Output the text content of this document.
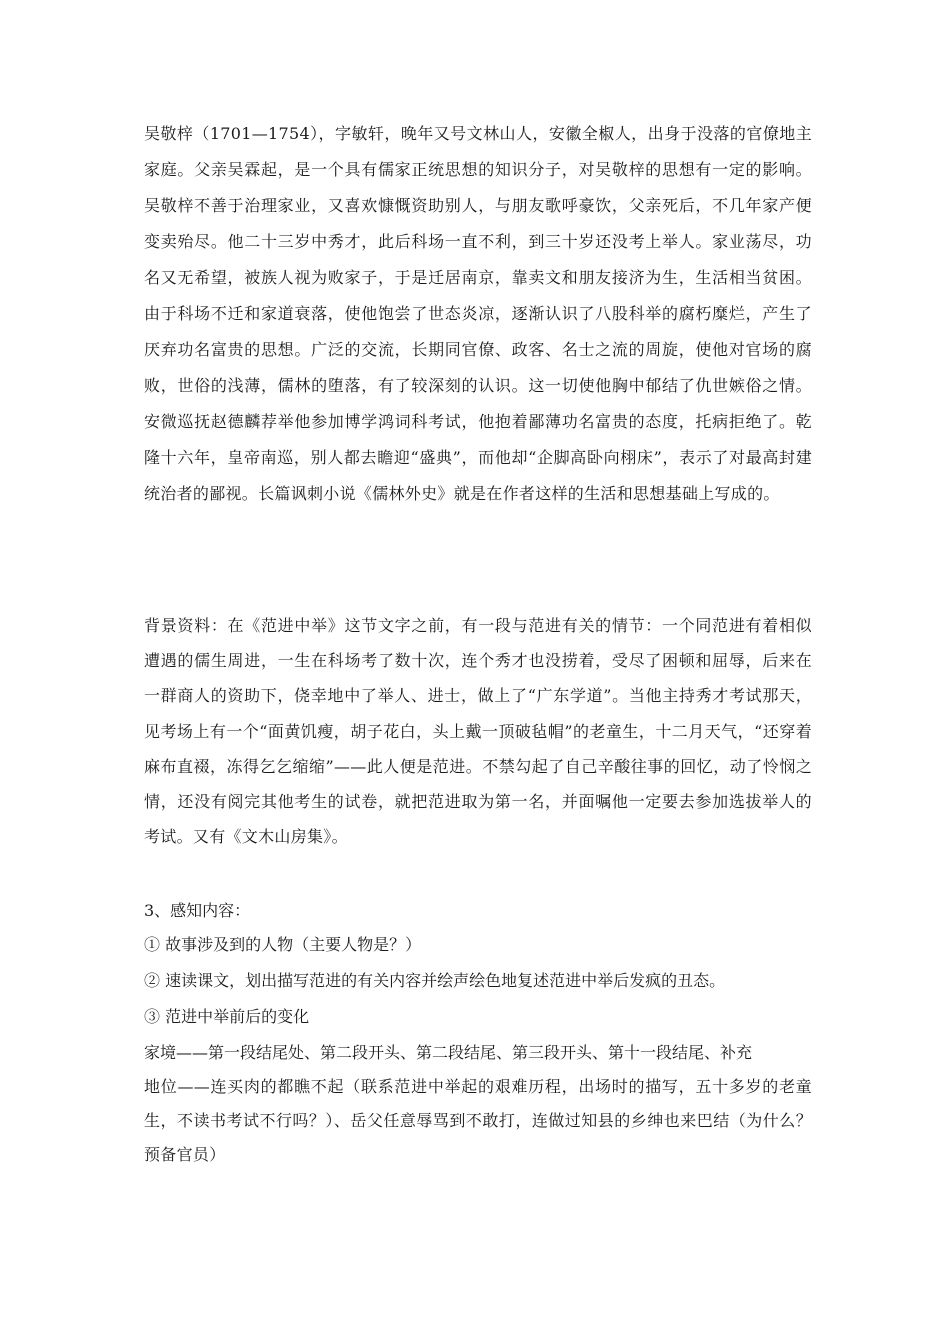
吴敬梓（1701—1754），字敏轩，晚年又号文林山人，安徽全椒人，出身于没落的官僚地主家庭。父亲吴霖起，是一个具有儒家正统思想的知识分子，对吴敬梓的思想有一定的影响。吴敬梓不善于治理家业，又喜欢慷慨资助别人，与朋友歌呼豪饮，父亲死后，不几年家产便变卖殆尽。他二十三岁中秀才，此后科场一直不利，到三十岁还没考上举人。家业荡尽，功名又无希望，被族人视为败家子，于是迁居南京，靠卖文和朋友接济为生，生活相当贫困。由于科场不迁和家道衰落，使他饱尝了世态炎凉，逐渐认识了八股科举的腐朽糜烂，产生了厌弃功名富贵的思想。广泛的交流，长期同官僚、政客、名士之流的周旋，使他对官场的腐败，世俗的浅薄，儒林的堕落，有了较深刻的认识。这一切使他胸中郁结了仇世嫉俗之情。安微巡抚赵德麟荐举他参加博学鸿词科考试，他抱着鄙薄功名富贵的态度，托病拒绝了。乾隆十六年，皇帝南巡，别人都去瞻迎“盛典”，而他却“企脚高卧向栩床”，表示了对最高封建统治者的鄙视。长篇讽刺小说《儒林外史》就是在作者这样的生活和思想基础上写成的。

背景资料：在《范进中举》这节文字之前，有一段与范进有关的情节：一个同范进有着相似遭遇的儒生周进，一生在科场考了数十次，连个秀才也没捞着，受尽了困顿和屈辱，后来在一群商人的资助下，侥幸地中了举人、进士，做上了“广东学道”。当他主持秀才考试那天，见考场上有一个“面黄饥瘦，胡子花白，头上戴一顶破毡帽”的老童生，十二月天气，“还穿着麻布直裰，冻得乞乞缩缩”——此人便是范进。不禁勾起了自己辛酸往事的回忆，动了怜悯之情，还没有阅完其他考生的试卷，就把范进取为第一名，并面嘱他一定要去参加选拔举人的考试。又有《文木山房集》。

3、感知内容：

① 故事涉及到的人物（主要人物是？）

② 速读课文，划出描写范进的有关内容并绘声绘色地复述范进中举后发疯的丑态。

③ 范进中举前后的变化

家境——第一段结尾处、第二段开头、第二段结尾、第三段开头、第十一段结尾、补充

地位——连买肉的都瞧不起（联系范进中举起的艰难历程，出场时的描写，五十多岁的老童生，不读书考试不行吗？）、岳父任意辱骂到不敢打，连做过知县的乡绅也来巴结（为什么？预备官员）
